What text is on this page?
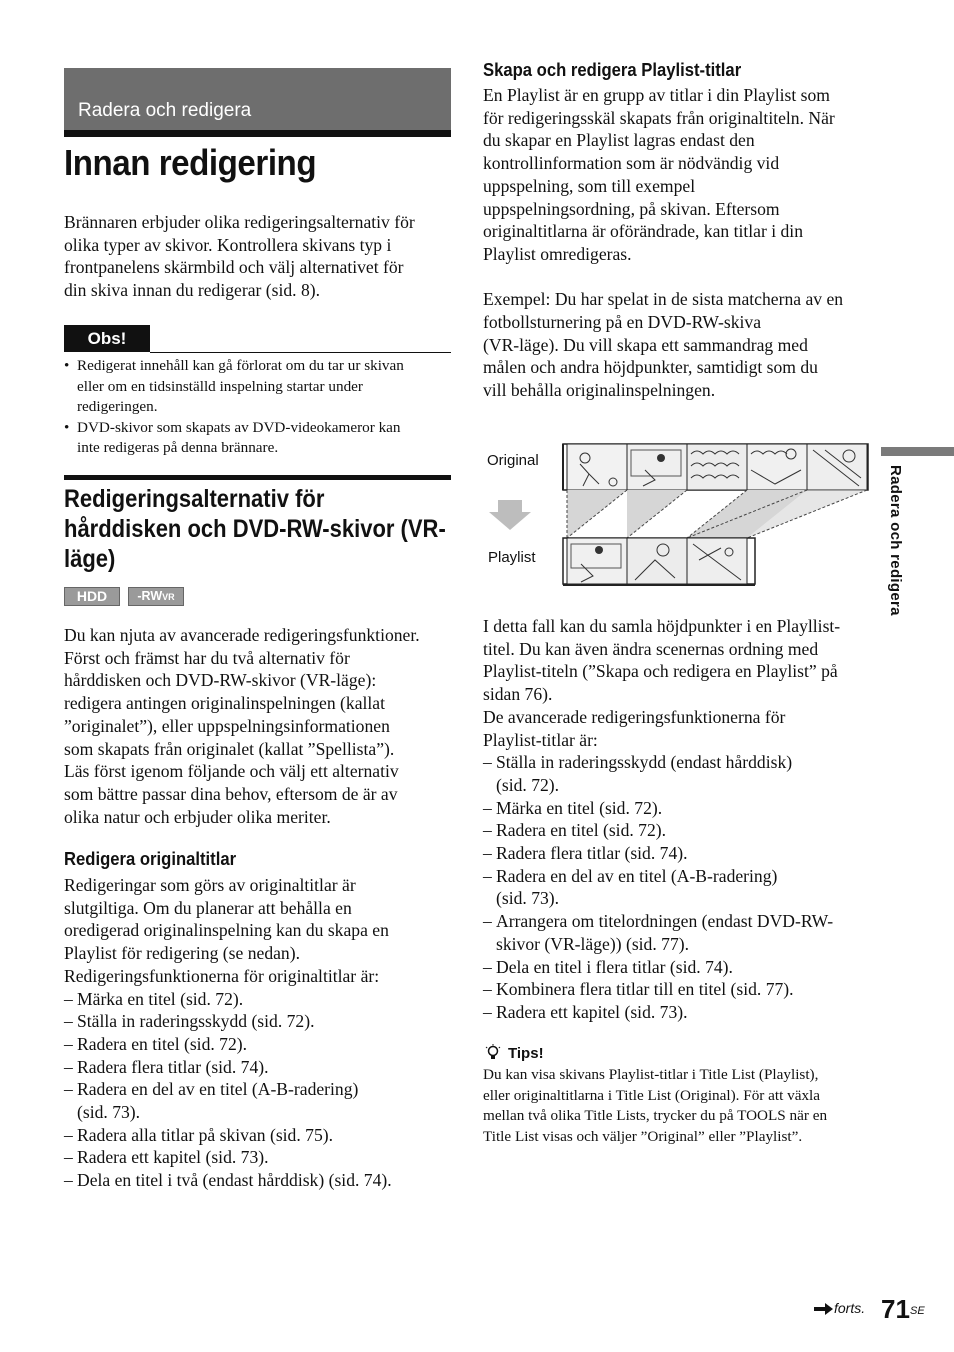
Radera och redigera
Innan redigering
Brännaren erbjuder olika redigeringsalternativ för
olika typer av skivor. Kontrollera skivans typ i
frontpanelens skärmbild och välj alternativet för
din skiva innan du redigerar (sid. 8).
Obs!
• Redigerat innehåll kan gå förlorat om du tar ur skivan
eller om en tidsinställd inspelning startar under
redigeringen.
• DVD-skivor som skapats av DVD-videokameror kan
inte redigeras på denna brännare.
Redigeringsalternativ för
hårddisken och DVD-RW-skivor (VR-
läge)
HDD	-RWVR
Du kan njuta av avancerade redigeringsfunktioner.
Först och främst har du två alternativ för
hårddisken och DVD-RW-skivor (VR-läge):
redigera antingen originalinspelningen (kallat
”originalet”), eller uppspelningsinformationen
som skapats från originalet (kallat ”Spellista”).
Läs först igenom följande och välj ett alternativ
som bättre passar dina behov, eftersom de är av
olika natur och erbjuder olika meriter.
Redigera originaltitlar
Redigeringar som görs av originaltitlar är
slutgiltiga. Om du planerar att behålla en
oredigerad originalinspelning kan du skapa en
Playlist för redigering (se nedan).
Redigeringsfunktionerna för originaltitlar är:
– Märka en titel (sid. 72).
– Ställa in raderingsskydd (sid. 72).
– Radera en titel (sid. 72).
– Radera flera titlar (sid. 74).
– Radera en del av en titel (A-B-radering)
(sid. 73).
– Radera alla titlar på skivan (sid. 75).
– Radera ett kapitel (sid. 73).
– Dela en titel i två (endast hårddisk) (sid. 74).
Skapa och redigera Playlist-titlar
En Playlist är en grupp av titlar i din Playlist som
för redigeringsskäl skapats från originaltiteln. När
du skapar en Playlist lagras endast den
kontrollinformation som är nödvändig vid
uppspelning, som till exempel
uppspelningsordning, på skivan. Eftersom
originaltitlarna är oförändrade, kan titlar i din
Playlist omredigeras.
Exempel: Du har spelat in de sista matcherna av en
fotbollsturnering på en DVD-RW-skiva
(VR-läge). Du vill skapa ett sammandrag med
målen och andra höjdpunkter, samtidigt som du
vill behålla originalinspelningen.
Original
Playlist
I detta fall kan du samla höjdpunkter i en Playllist-
titel. Du kan även ändra scenernas ordning med
Playlist-titeln (”Skapa och redigera en Playlist” på
sidan 76).
De avancerade redigeringsfunktionerna för
Playlist-titlar är:
– Ställa in raderingsskydd (endast hårddisk)
(sid. 72).
– Märka en titel (sid. 72).
– Radera en titel (sid. 72).
– Radera flera titlar (sid. 74).
– Radera en del av en titel (A-B-radering)
(sid. 73).
– Arrangera om titelordningen (endast DVD-RW-
skivor (VR-läge)) (sid. 77).
– Dela en titel i flera titlar (sid. 74).
– Kombinera flera titlar till en titel (sid. 77).
– Radera ett kapitel (sid. 73).
Tips!
Du kan visa skivans Playlist-titlar i Title List (Playlist),
eller originaltitlarna i Title List (Original). För att växla
mellan två olika Title Lists, trycker du på TOOLS när en
Title List visas och väljer ”Original” eller ”Playlist”.
Radera och redigera
forts. 71 SE
